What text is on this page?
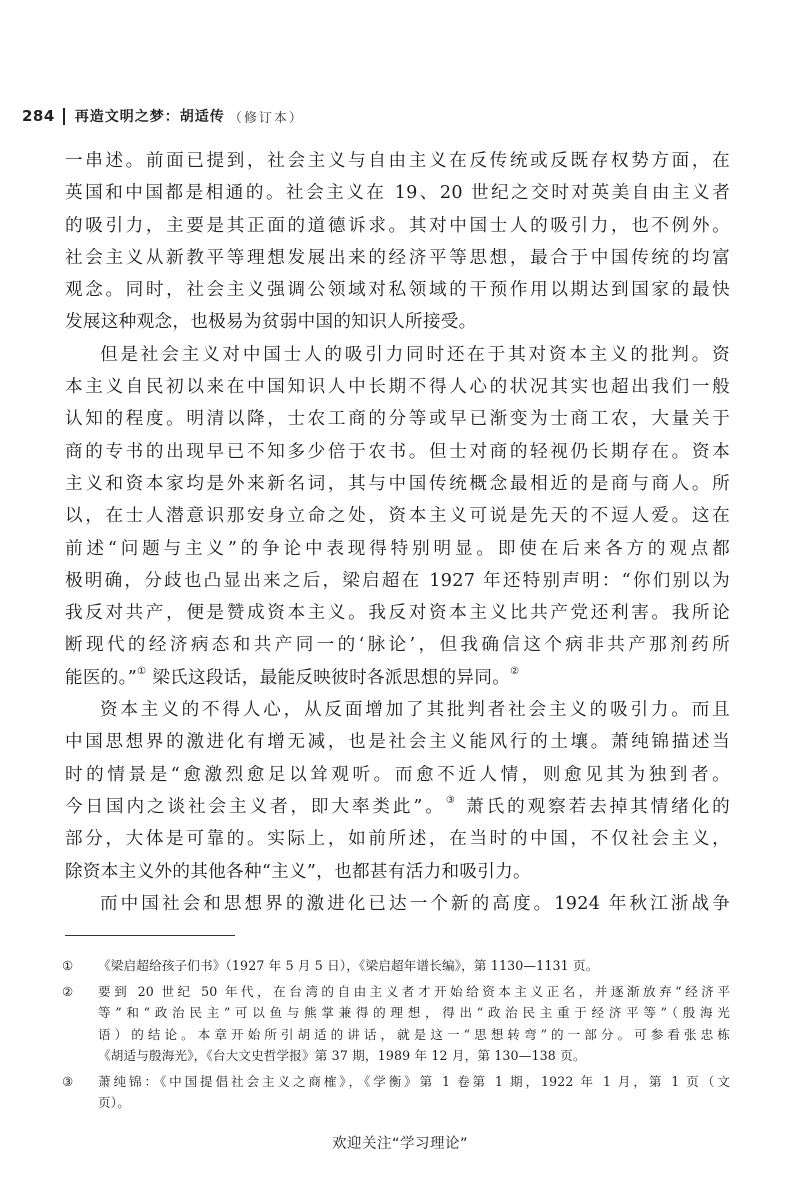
284 再造文明之梦：胡适传 （修订本）

一串述。前面已提到，社会主义与自由主义在反传统或反既存权势方面，在
英国和中国都是相通的。社会主义在 19、20 世纪之交时对英美自由主义者
的吸引力，主要是其正面的道德诉求。其对中国士人的吸引力，也不例外。
社会主义从新教平等理想发展出来的经济平等思想，最合于中国传统的均富
观念。同时，社会主义强调公领域对私领域的干预作用以期达到国家的最快
发展这种观念，也极易为贫弱中国的知识人所接受。

但是社会主义对中国士人的吸引力同时还在于其对资本主义的批判。资
本主义自民初以来在中国知识人中长期不得人心的状况其实也超出我们一般
认知的程度。明清以降，士农工商的分等或早已渐变为士商工农，大量关于
商的专书的出现早已不知多少倍于农书。但士对商的轻视仍长期存在。资本
主义和资本家均是外来新名词，其与中国传统概念最相近的是商与商人。所
以，在士人潜意识那安身立命之处，资本主义可说是先天的不逗人爱。这在
前述“问题与主义”的争论中表现得特别明显。即使在后来各方的观点都
极明确，分歧也凸显出来之后，梁启超在 1927 年还特别声明：“你们别以为
我反对共产，便是赞成资本主义。我反对资本主义比共产党还利害。我所论
断现代的经济病态和共产同一的‘脉论’，但我确信这个病非共产那剂药所
能医的。”① 梁氏这段话，最能反映彼时各派思想的异同。②

资本主义的不得人心，从反面增加了其批判者社会主义的吸引力。而且
中国思想界的激进化有增无减，也是社会主义能风行的土壤。萧纯锦描述当
时的情景是“愈激烈愈足以耸观听。而愈不近人情，则愈见其为独到者。
今日国内之谈社会主义者，即大率类此”。③ 萧氏的观察若去掉其情绪化的
部分，大体是可靠的。实际上，如前所述，在当时的中国，不仅社会主义，
除资本主义外的其他各种“主义”，也都甚有活力和吸引力。

而中国社会和思想界的激进化已达一个新的高度。1924 年秋江浙战争

①	《梁启超给孩子们书》（1927 年 5 月 5 日），《梁启超年谱长编》，第 1130—1131 页。
②	要到 20 世纪 50 年代，在台湾的自由主义者才开始给资本主义正名，并逐渐放弃“经济平
等”和“政治民主”可以鱼与熊掌兼得的理想，得出“政治民主重于经济平等”（殷海光
语）的结论。本章开始所引胡适的讲话，就是这一“思想转弯”的一部分。可参看张忠栋
《胡适与殷海光》，《台大文史哲学报》第 37 期，1989 年 12 月，第 130—138 页。
③	萧纯锦：《中国提倡社会主义之商榷》，《学衡》第 1 卷第 1 期，1922 年 1 月，第 1 页（文
页）。
欢迎关注“学习理论”
